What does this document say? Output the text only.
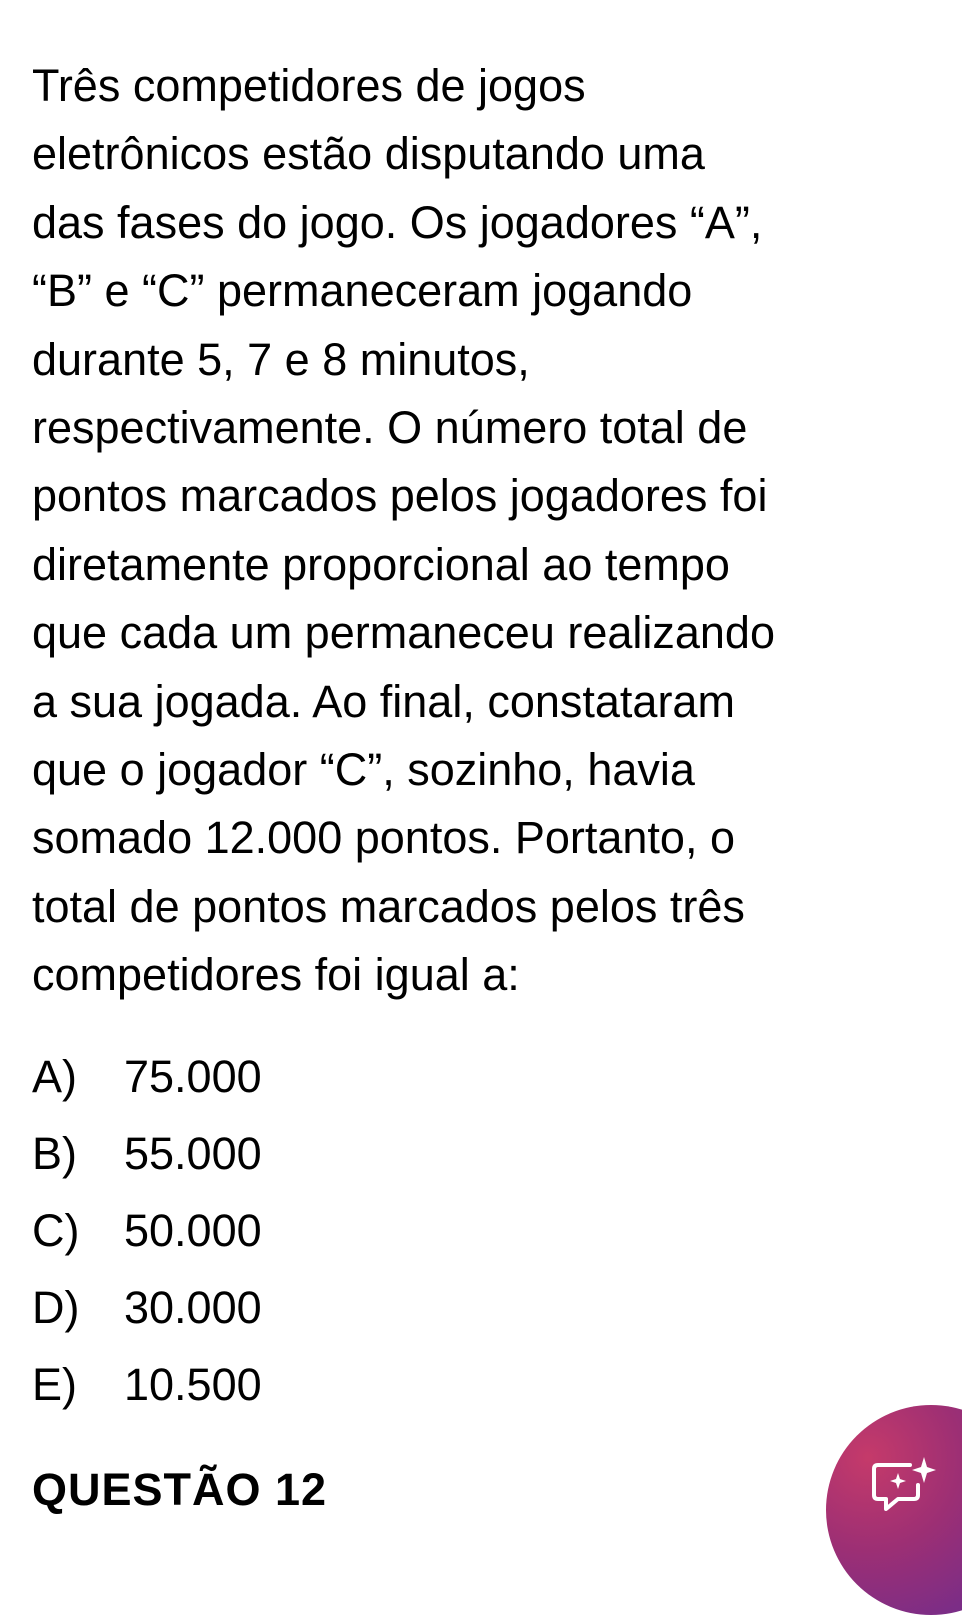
Três competidores de jogos
eletrônicos estão disputando uma
das fases do jogo. Os jogadores “A”,
“B” e “C” permaneceram jogando
durante 5, 7 e 8 minutos,
respectivamente. O número total de
pontos marcados pelos jogadores foi
diretamente proporcional ao tempo
que cada um permaneceu realizando
a sua jogada. Ao final, constataram
que o jogador “C”, sozinho, havia
somado 12.000 pontos. Portanto, o
total de pontos marcados pelos três
competidores foi igual a:
A) 75.000
B) 55.000
C) 50.000
D) 30.000
E) 10.500
QUESTÃO 12
